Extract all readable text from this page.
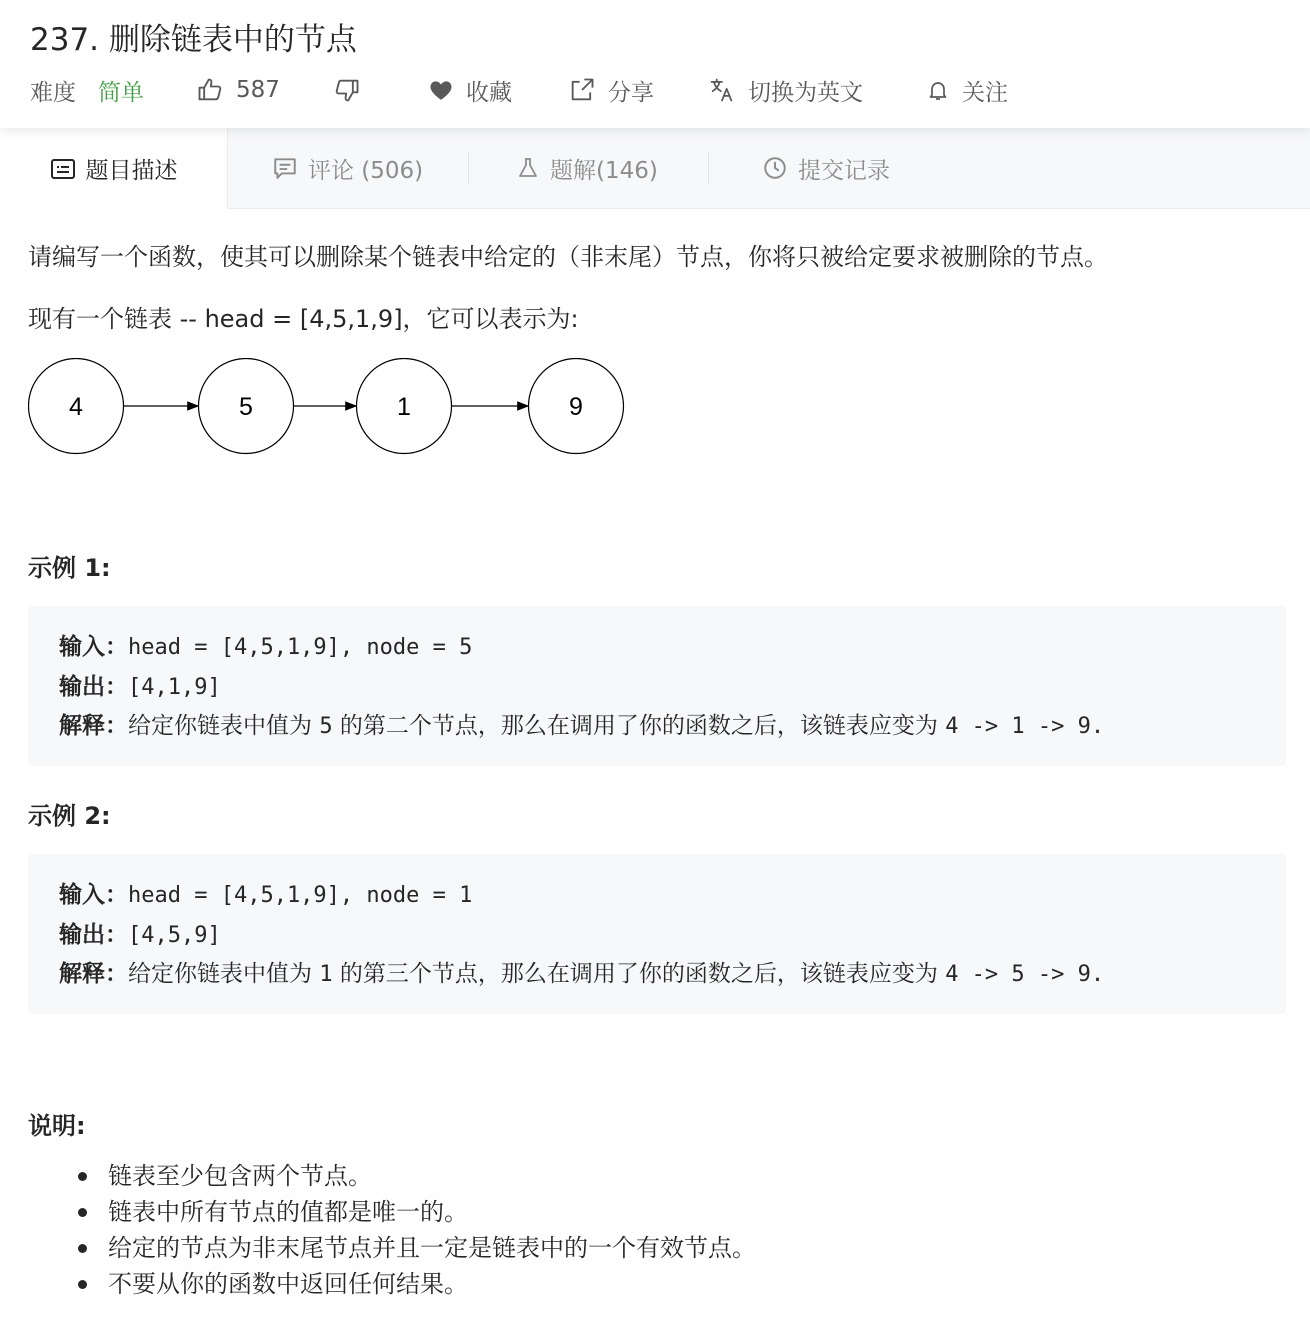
237. 删除链表中的节点
难度 简单	587	收藏	分享	切换为英文	关注
题目描述	评论 (506)	题解(146)	提交记录
请编写一个函数，使其可以删除某个链表中给定的（非末尾）节点，你将只被给定要求被删除的节点。
现有一个链表 -- head = [4,5,1,9]，它可以表示为:
4	5	1	9
示例 1:
输入：head = [4,5,1,9], node = 5
输出：[4,1,9]
解释：给定你链表中值为 5 的第二个节点，那么在调用了你的函数之后，该链表应变为 4 -> 1 -> 9.
示例 2:
输入：head = [4,5,1,9], node = 1
输出：[4,5,9]
解释：给定你链表中值为 1 的第三个节点，那么在调用了你的函数之后，该链表应变为 4 -> 5 -> 9.
说明:
链表至少包含两个节点。
链表中所有节点的值都是唯一的。
给定的节点为非末尾节点并且一定是链表中的一个有效节点。
不要从你的函数中返回任何结果。
